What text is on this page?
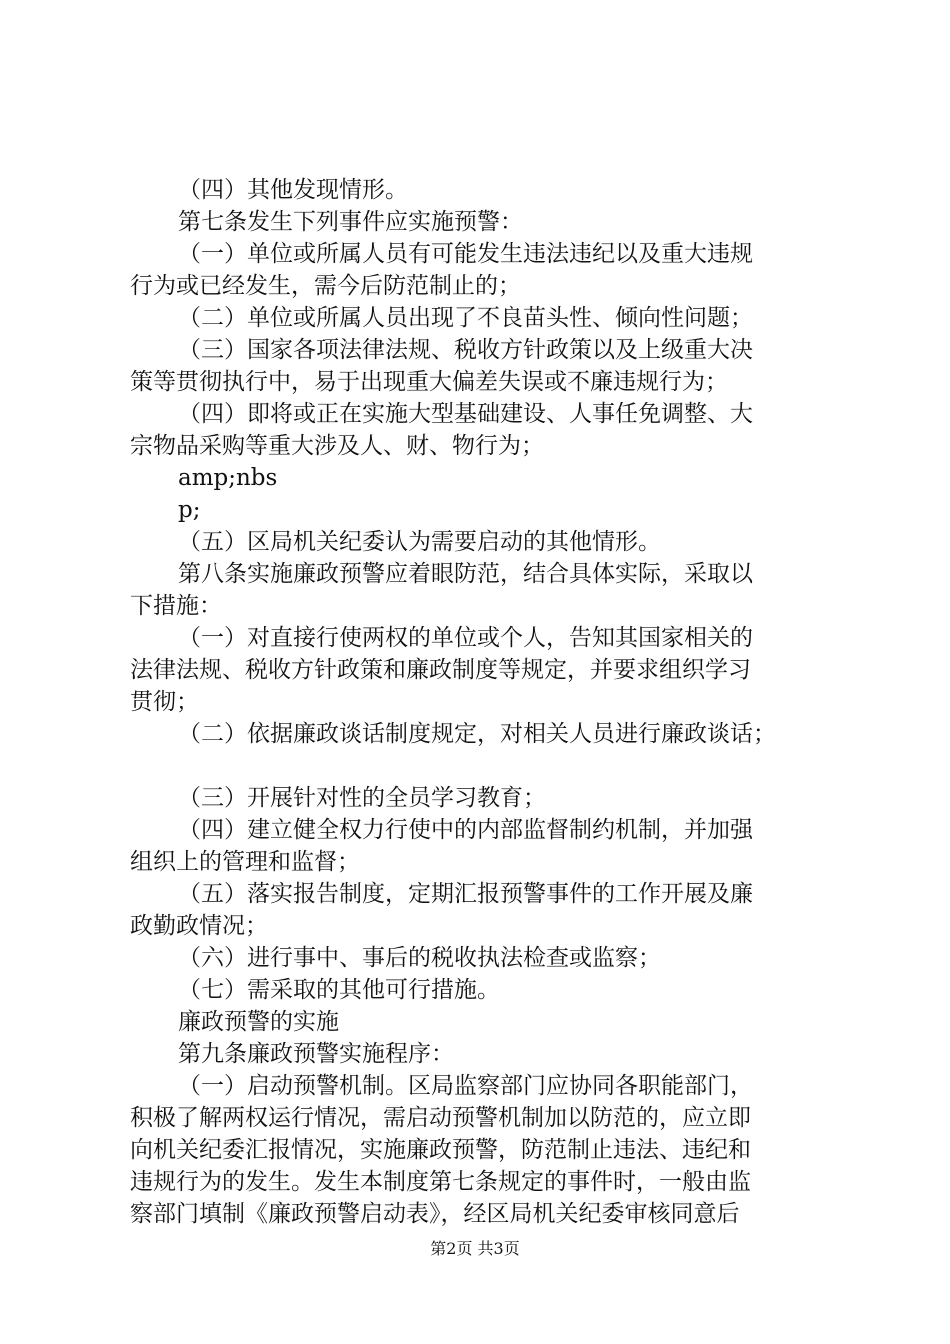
（四）其他发现情形。
第七条发生下列事件应实施预警：
（一）单位或所属人员有可能发生违法违纪以及重大违规
行为或已经发生，需今后防范制止的；
（二）单位或所属人员出现了不良苗头性、倾向性问题；
（三）国家各项法律法规、税收方针政策以及上级重大决
策等贯彻执行中，易于出现重大偏差失误或不廉违规行为；
（四）即将或正在实施大型基础建设、人事任免调整、大
宗物品采购等重大涉及人、财、物行为；
amp;nbs
p;
（五）区局机关纪委认为需要启动的其他情形。
第八条实施廉政预警应着眼防范，结合具体实际，采取以
下措施：
（一）对直接行使两权的单位或个人，告知其国家相关的
法律法规、税收方针政策和廉政制度等规定，并要求组织学习
贯彻；
（二）依据廉政谈话制度规定，对相关人员进行廉政谈话；
（三）开展针对性的全员学习教育；
（四）建立健全权力行使中的内部监督制约机制，并加强
组织上的管理和监督；
（五）落实报告制度，定期汇报预警事件的工作开展及廉
政勤政情况；
（六）进行事中、事后的税收执法检查或监察；
（七）需采取的其他可行措施。
廉政预警的实施
第九条廉政预警实施程序：
（一）启动预警机制。区局监察部门应协同各职能部门，
积极了解两权运行情况，需启动预警机制加以防范的，应立即
向机关纪委汇报情况，实施廉政预警，防范制止违法、违纪和
违规行为的发生。发生本制度第七条规定的事件时，一般由监
察部门填制《廉政预警启动表》，经区局机关纪委审核同意后
第2页 共3页
